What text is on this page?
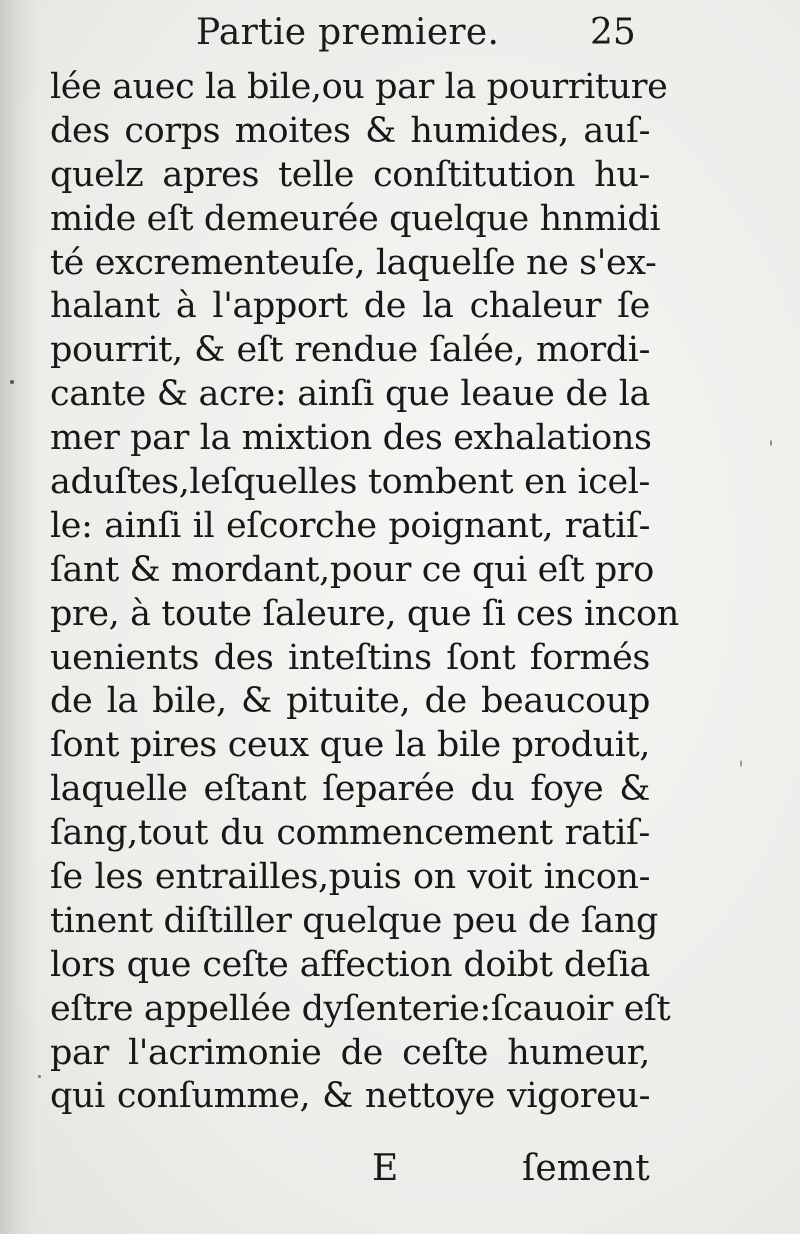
Partie premiere.	25
lée auec la bile,ou par la pourriture
des corps moites & humides, auſ-
quelz apres telle conſtitution hu-
mide eſt demeurée quelque hnmidi
té excrementeuſe, laquelſe ne s'ex-
halant à l'apport de la chaleur ſe
pourrit, & eſt rendue ſalée, mordi-
cante & acre: ainſi que leaue de la
mer par la mixtion des exhalations
aduſtes,leſquelles tombent en icel-
le: ainſi il eſcorche poignant, ratiſ-
ſant & mordant,pour ce qui eſt pro
pre, à toute ſaleure, que ſi ces incon
uenients des inteſtins ſont formés
de la bile, & pituite, de beaucoup
ſont pires ceux que la bile produit,
laquelle eſtant ſeparée du foye &
ſang,tout du commencement ratiſ-
ſe les entrailles,puis on voit incon-
tinent diſtiller quelque peu de ſang
lors que ceſte affection doibt deſia
eſtre appellée dyſenterie:ſcauoir eſt
par l'acrimonie de ceſte humeur,
qui conſumme, & nettoye vigoreu-
E	ſement
